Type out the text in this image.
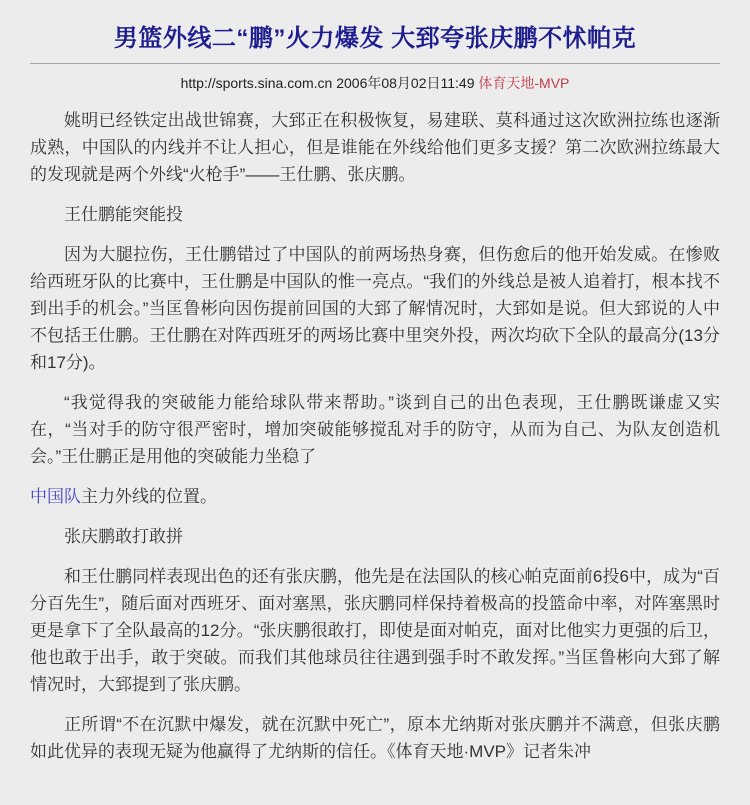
男篮外线二“鹏”火力爆发 大郅夸张庆鹏不怵帕克
http://sports.sina.com.cn 2006年08月02日11:49 体育天地-MVP

姚明已经铁定出战世锦赛，大郅正在积极恢复，易建联、莫科通过这次欧洲拉练也逐渐成熟，中国队的内线并不让人担心，但是谁能在外线给他们更多支援？第二次欧洲拉练最大的发现就是两个外线“火枪手”——王仕鹏、张庆鹏。

王仕鹏能突能投

因为大腿拉伤，王仕鹏错过了中国队的前两场热身赛，但伤愈后的他开始发威。在惨败给西班牙队的比赛中，王仕鹏是中国队的惟一亮点。“我们的外线总是被人追着打，根本找不到出手的机会。”当匡鲁彬向因伤提前回国的大郅了解情况时，大郅如是说。但大郅说的人中不包括王仕鹏。王仕鹏在对阵西班牙的两场比赛中里突外投，两次均砍下全队的最高分(13分和17分)。

“我觉得我的突破能力能给球队带来帮助。”谈到自己的出色表现，王仕鹏既谦虚又实在，“当对手的防守很严密时，增加突破能够搅乱对手的防守，从而为自己、为队友创造机会。”王仕鹏正是用他的突破能力坐稳了

中国队主力外线的位置。

张庆鹏敢打敢拼

和王仕鹏同样表现出色的还有张庆鹏，他先是在法国队的核心帕克面前6投6中，成为“百分百先生”，随后面对西班牙、面对塞黑，张庆鹏同样保持着极高的投篮命中率，对阵塞黑时更是拿下了全队最高的12分。“张庆鹏很敢打，即使是面对帕克，面对比他实力更强的后卫，他也敢于出手，敢于突破。而我们其他球员往往遇到强手时不敢发挥。”当匡鲁彬向大郅了解情况时，大郅提到了张庆鹏。

正所谓“不在沉默中爆发，就在沉默中死亡”，原本尤纳斯对张庆鹏并不满意，但张庆鹏如此优异的表现无疑为他赢得了尤纳斯的信任。《体育天地·MVP》记者朱冲
